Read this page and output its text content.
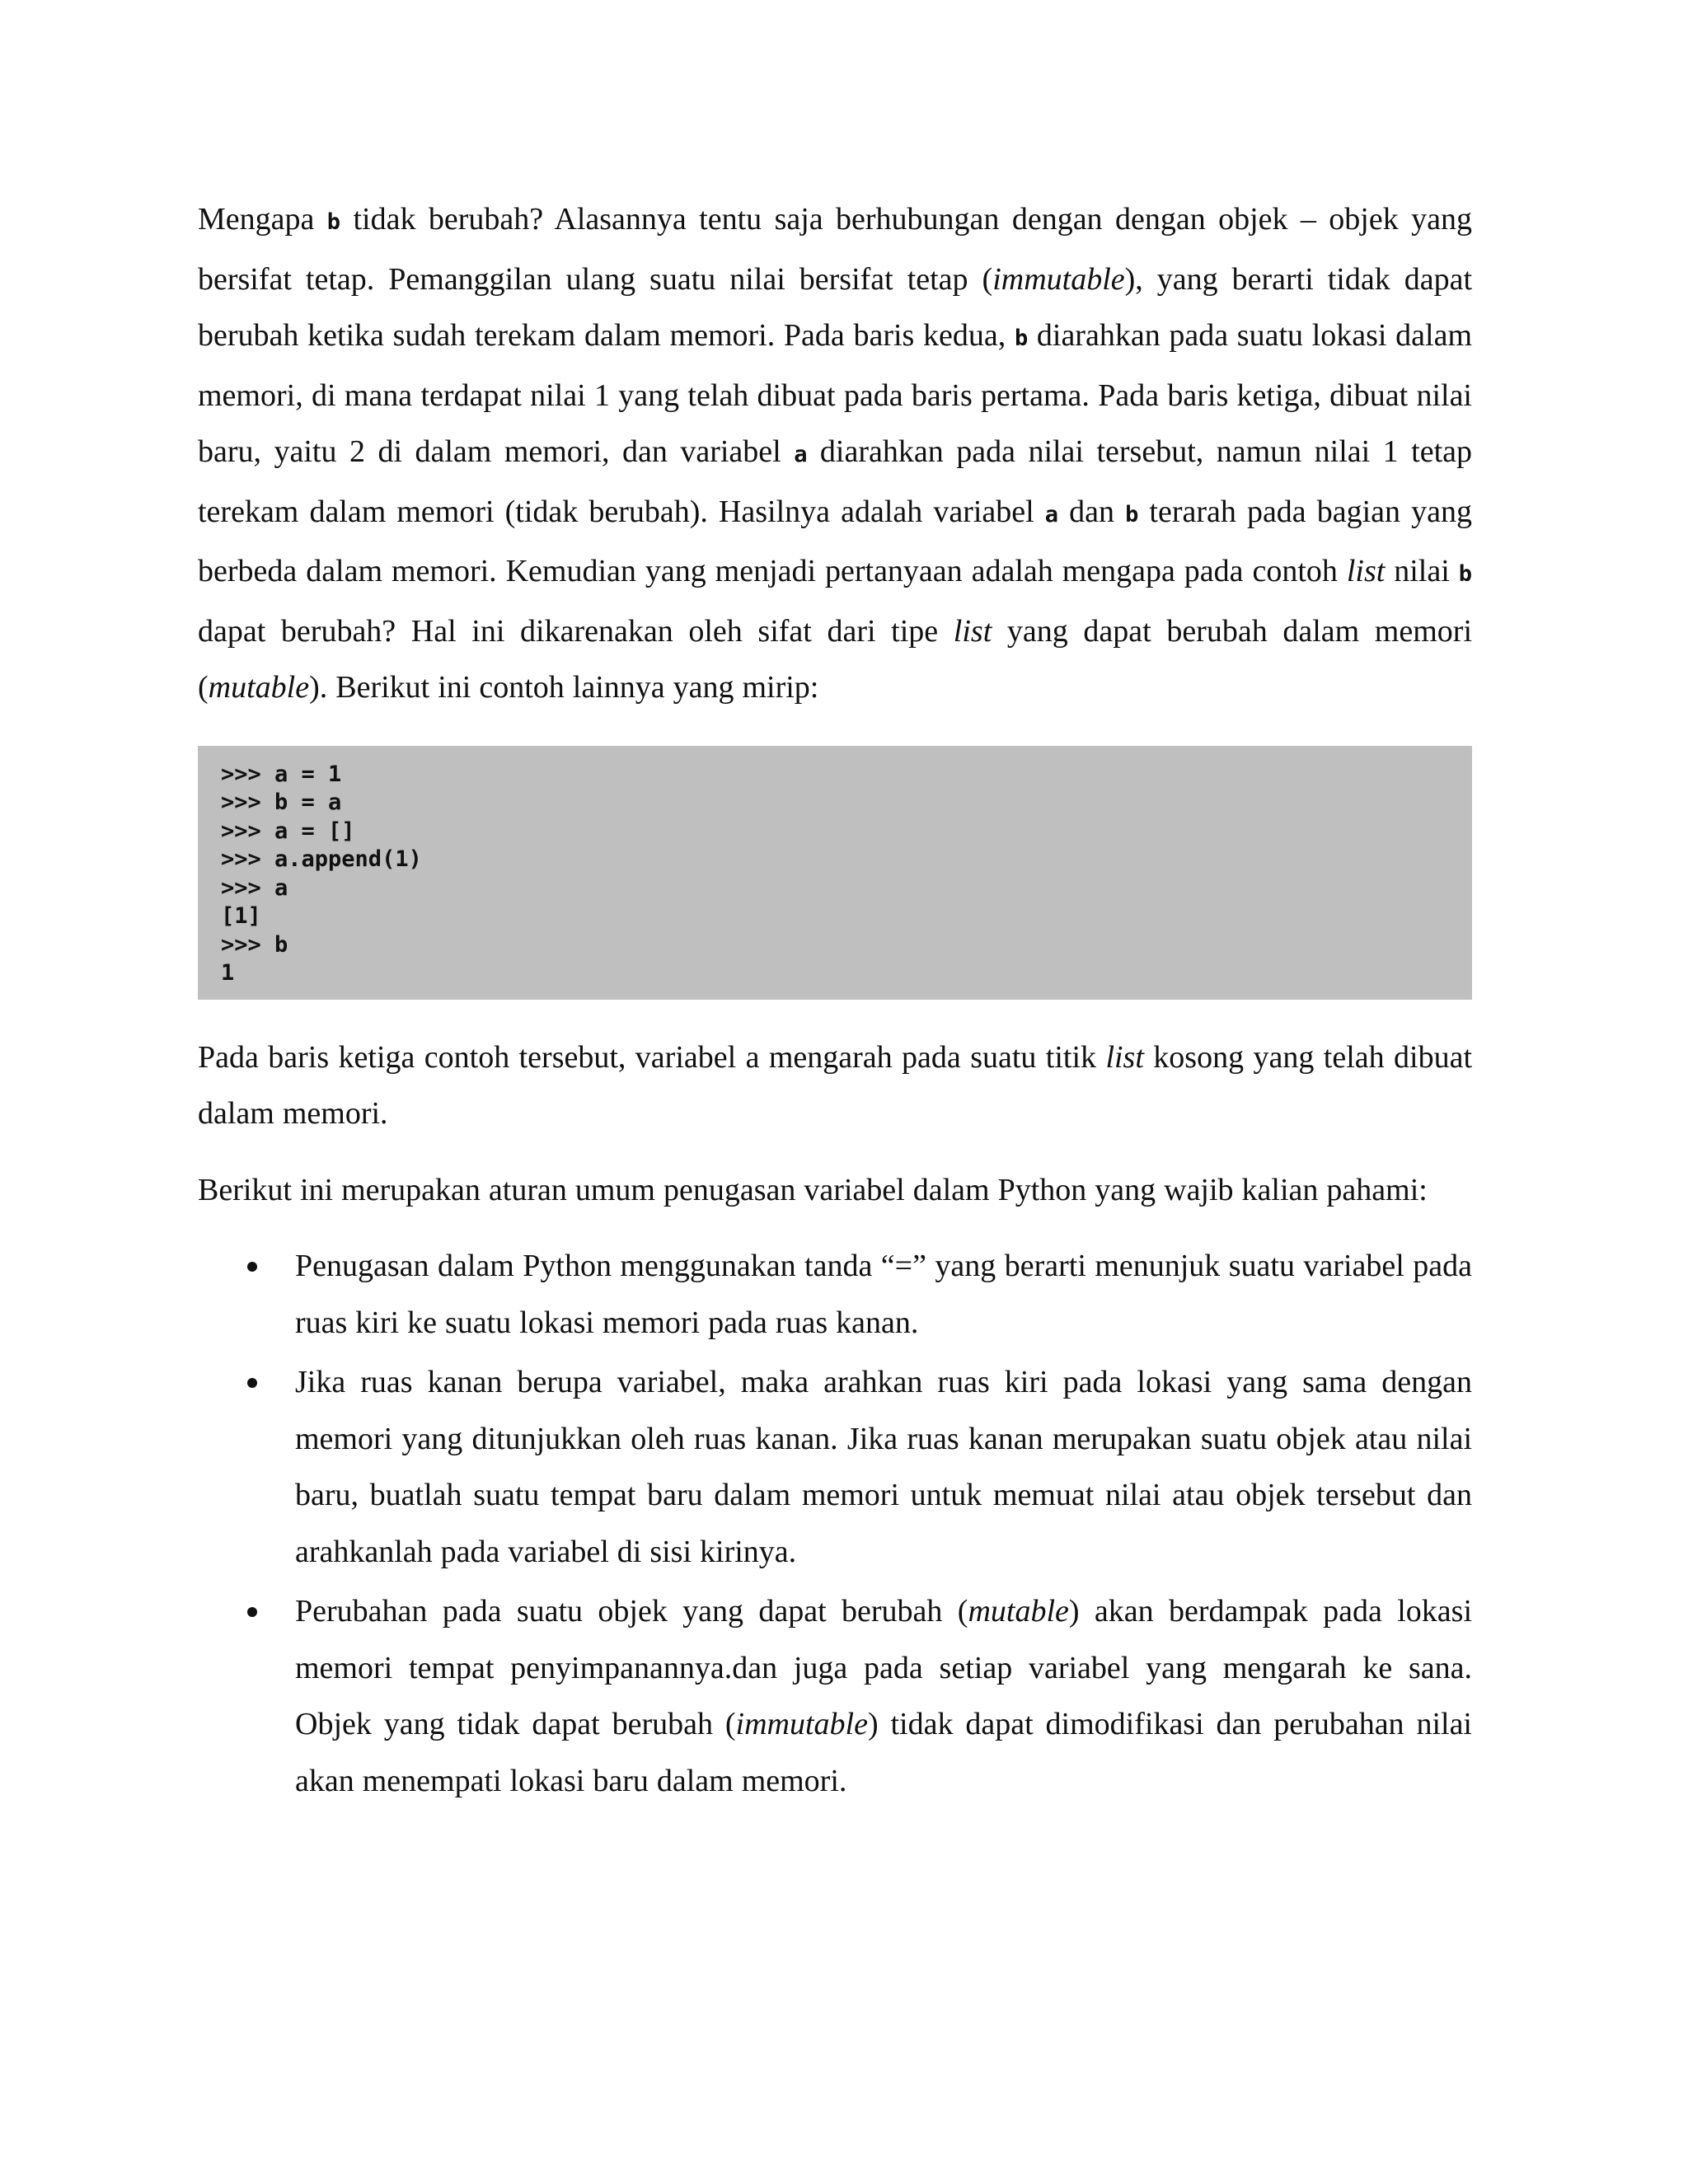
Mengapa b tidak berubah? Alasannya tentu saja berhubungan dengan dengan objek – objek yang bersifat tetap. Pemanggilan ulang suatu nilai bersifat tetap (immutable), yang berarti tidak dapat berubah ketika sudah terekam dalam memori. Pada baris kedua, b diarahkan pada suatu lokasi dalam memori, di mana terdapat nilai 1 yang telah dibuat pada baris pertama. Pada baris ketiga, dibuat nilai baru, yaitu 2 di dalam memori, dan variabel a diarahkan pada nilai tersebut, namun nilai 1 tetap terekam dalam memori (tidak berubah). Hasilnya adalah variabel a dan b terarah pada bagian yang berbeda dalam memori. Kemudian yang menjadi pertanyaan adalah mengapa pada contoh list nilai b dapat berubah? Hal ini dikarenakan oleh sifat dari tipe list yang dapat berubah dalam memori (mutable). Berikut ini contoh lainnya yang mirip:

>>> a = 1
>>> b = a
>>> a = []
>>> a.append(1)
>>> a
[1]
>>> b
1

Pada baris ketiga contoh tersebut, variabel a mengarah pada suatu titik list kosong yang telah dibuat dalam memori.

Berikut ini merupakan aturan umum penugasan variabel dalam Python yang wajib kalian pahami:

Penugasan dalam Python menggunakan tanda “=” yang berarti menunjuk suatu variabel pada ruas kiri ke suatu lokasi memori pada ruas kanan.
Jika ruas kanan berupa variabel, maka arahkan ruas kiri pada lokasi yang sama dengan memori yang ditunjukkan oleh ruas kanan. Jika ruas kanan merupakan suatu objek atau nilai baru, buatlah suatu tempat baru dalam memori untuk memuat nilai atau objek tersebut dan arahkanlah pada variabel di sisi kirinya.
Perubahan pada suatu objek yang dapat berubah (mutable) akan berdampak pada lokasi memori tempat penyimpanannya.dan juga pada setiap variabel yang mengarah ke sana. Objek yang tidak dapat berubah (immutable) tidak dapat dimodifikasi dan perubahan nilai akan menempati lokasi baru dalam memori.
